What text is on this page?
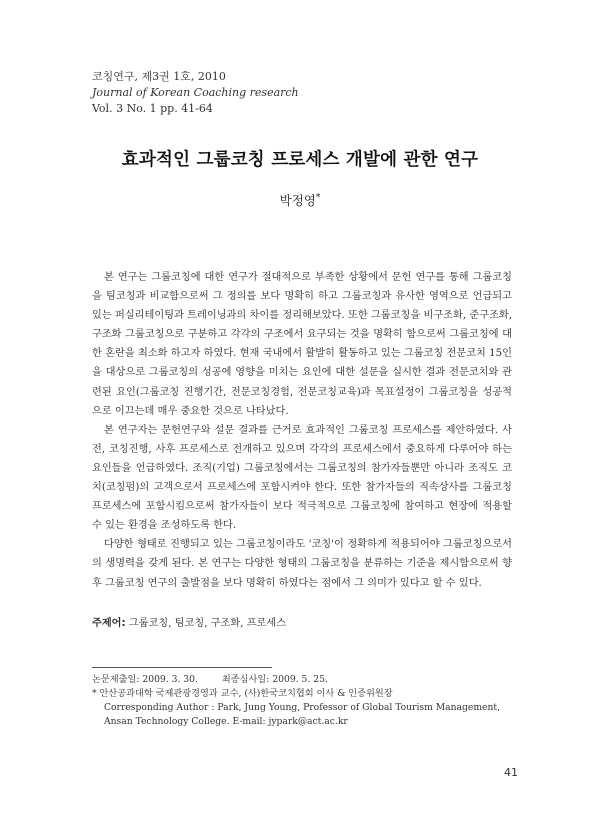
코칭연구, 제3권 1호, 2010
Journal of Korean Coaching research
Vol. 3 No. 1 pp. 41-64
효과적인 그룹코칭 프로세스 개발에 관한 연구
박정영*

본 연구는 그룹코칭에 대한 연구가 절대적으로 부족한 상황에서 문헌 연구를 통해 그룹코칭을 팀코칭과 비교함으로써 그 정의를 보다 명확히 하고 그룹코칭과 유사한 영역으로 언급되고 있는 퍼실리테이팅과 트레이닝과의 차이를 정리해보았다. 또한 그룹코칭을 비구조화, 준구조화, 구조화 그룹코칭으로 구분하고 각각의 구조에서 요구되는 것을 명확히 함으로써 그룹코칭에 대한 혼란을 최소화 하고자 하였다. 현재 국내에서 활발히 활동하고 있는 그룹코칭 전문코치 15인을 대상으로 그룹코칭의 성공에 영향을 미치는 요인에 대한 설문을 실시한 결과 전문코치와 관련된 요인(그룹코칭 진행기간, 전문코칭경험, 전문코칭교육)과 목표설정이 그룹코칭을 성공적으로 이끄는데 매우 중요한 것으로 나타났다.

본 연구자는 문헌연구와 설문 결과를 근거로 효과적인 그룹코칭 프로세스를 제안하였다. 사전, 코칭진행, 사후 프로세스로 전개하고 있으며 각각의 프로세스에서 중요하게 다루어야 하는 요인들을 언급하였다. 조직(기업) 그룹코칭에서는 그룹코칭의 참가자들뿐만 아니라 조직도 코치(코칭펌)의 고객으로서 프로세스에 포함시켜야 한다. 또한 참가자들의 직속상사를 그룹코칭 프로세스에 포함시킴으로써 참가자들이 보다 적극적으로 그룹코칭에 참여하고 현장에 적용할 수 있는 환경을 조성하도록 한다.

다양한 형태로 진행되고 있는 그룹코칭이라도 '코칭'이 정확하게 적용되어야 그룹코칭으로서의 생명력을 갖게 된다. 본 연구는 다양한 형태의 그룹코칭을 분류하는 기준을 제시함으로써 향후 그룹코칭 연구의 출발점을 보다 명확히 하였다는 점에서 그 의미가 있다고 할 수 있다.

주제어: 그룹코칭, 팀코칭, 구조화, 프로세스
논문제출일: 2009. 3. 30.	최종심사일: 2009. 5. 25.
* 안산공과대학 국제관광경영과 교수, (사)한국코치협회 이사 & 인증위원장
Corresponding Author : Park, Jung Young, Professor of Global Tourism Management, Ansan Technology College. E-mail: jypark@act.ac.kr
41
